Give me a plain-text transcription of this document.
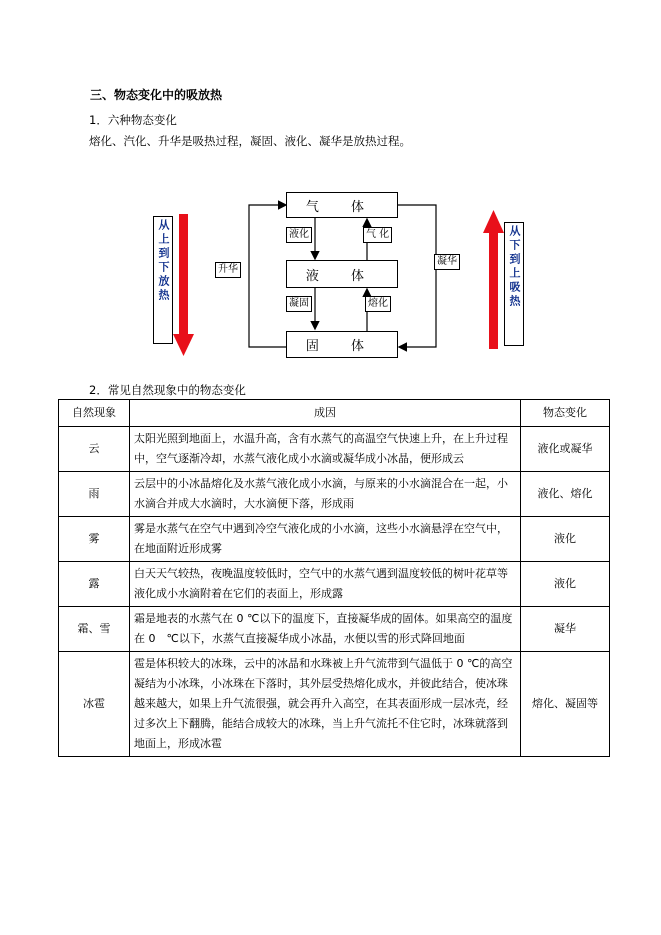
三、物态变化中的吸放热
1．六种物态变化
熔化、汽化、升华是吸热过程，凝固、液化、凝华是放热过程。
气 体
液 体
固 体
液化	气 化
升华
凝华
凝固	熔化
从上到下放热	从下到上吸热
2．常见自然现象中的物态变化
自然现象	成因	物态变化
云	太阳光照到地面上，水温升高，含有水蒸气的高温空气快速上升，在上升过程中，空气逐渐冷却，水蒸气液化成小水滴或凝华成小冰晶，便形成云	液化或凝华
雨	云层中的小冰晶熔化及水蒸气液化成小水滴，与原来的小水滴混合在一起，小水滴合并成大水滴时，大水滴便下落，形成雨	液化、熔化
雾	雾是水蒸气在空气中遇到冷空气液化成的小水滴，这些小水滴悬浮在空气中，在地面附近形成雾	液化
露	白天天气较热，夜晚温度较低时，空气中的水蒸气遇到温度较低的树叶花草等液化成小水滴附着在它们的表面上，形成露	液化
霜、雪	霜是地表的水蒸气在 0 ℃以下的温度下，直接凝华成的固体。如果高空的温度在 0　℃以下，水蒸气直接凝华成小冰晶，水便以雪的形式降回地面	凝华
冰雹	雹是体积较大的冰珠，云中的冰晶和水珠被上升气流带到气温低于 0 ℃的高空凝结为小冰珠，小冰珠在下落时，其外层受热熔化成水，并彼此结合，使冰珠越来越大，如果上升气流很强，就会再升入高空，在其表面形成一层冰壳，经过多次上下翻腾，能结合成较大的冰珠，当上升气流托不住它时，冰珠就落到地面上，形成冰雹	熔化、凝固等
